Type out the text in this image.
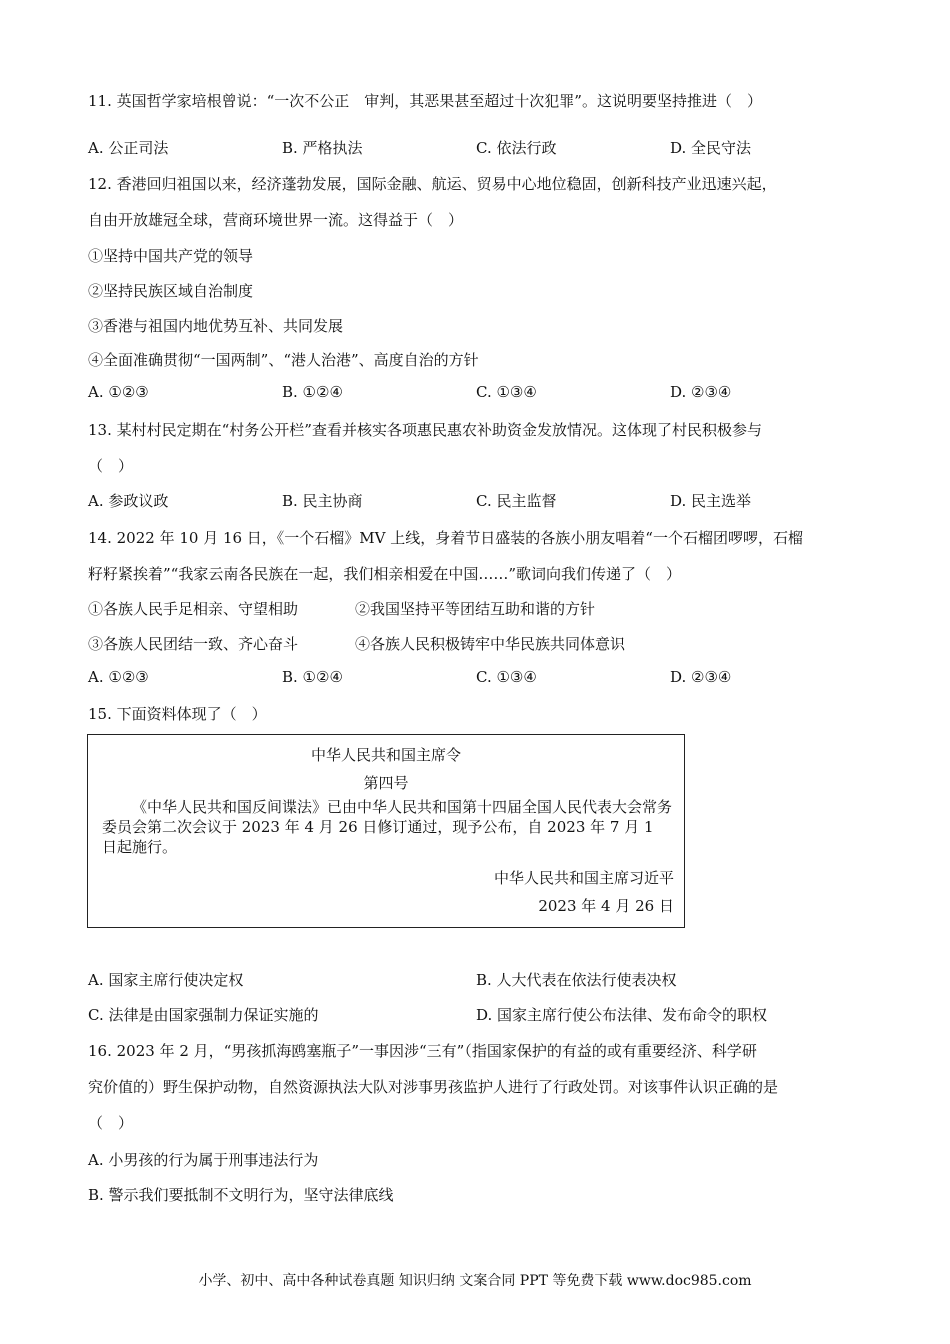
11. 英国哲学家培根曾说：“一次不公正　审判，其恶果甚至超过十次犯罪”。这说明要坚持推进（　）
A. 公正司法	B. 严格执法	C. 依法行政	D. 全民守法
12. 香港回归祖国以来，经济蓬勃发展，国际金融、航运、贸易中心地位稳固，创新科技产业迅速兴起，
自由开放雄冠全球，营商环境世界一流。这得益于（　）
①坚持中国共产党的领导
②坚持民族区域自治制度
③香港与祖国内地优势互补、共同发展
④全面准确贯彻“一国两制”、“港人治港”、高度自治的方针
A. ①②③	B. ①②④	C. ①③④	D. ②③④
13. 某村村民定期在“村务公开栏”查看并核实各项惠民惠农补助资金发放情况。这体现了村民积极参与
（　）
A. 参政议政	B. 民主协商	C. 民主监督	D. 民主选举
14. 2022 年 10 月 16 日，《一个石榴》MV 上线，身着节日盛装的各族小朋友唱着“一个石榴团啰啰，石榴
籽籽紧挨着”“我家云南各民族在一起，我们相亲相爱在中国……”歌词向我们传递了（　）
①各族人民手足相亲、守望相助	②我国坚持平等团结互助和谐的方针
③各族人民团结一致、齐心奋斗	④各族人民积极铸牢中华民族共同体意识
A. ①②③	B. ①②④	C. ①③④	D. ②③④
15. 下面资料体现了（　）
中华人民共和国主席令
第四号
《中华人民共和国反间谍法》已由中华人民共和国第十四届全国人民代表大会常务委员会第二次会议于 2023 年 4 月 26 日修订通过，现予公布，自 2023 年 7 月 1 日起施行。
中华人民共和国主席习近平
2023 年 4 月 26 日
A. 国家主席行使决定权	B. 人大代表在依法行使表决权
C. 法律是由国家强制力保证实施的	D. 国家主席行使公布法律、发布命令的职权
16. 2023 年 2 月，“男孩抓海鸥塞瓶子”一事因涉“三有”（指国家保护的有益的或有重要经济、科学研
究价值的）野生保护动物，自然资源执法大队对涉事男孩监护人进行了行政处罚。对该事件认识正确的是
（　）
A. 小男孩的行为属于刑事违法行为
B. 警示我们要抵制不文明行为，坚守法律底线
小学、初中、高中各种试卷真题 知识归纳 文案合同 PPT 等免费下载 www.doc985.com
